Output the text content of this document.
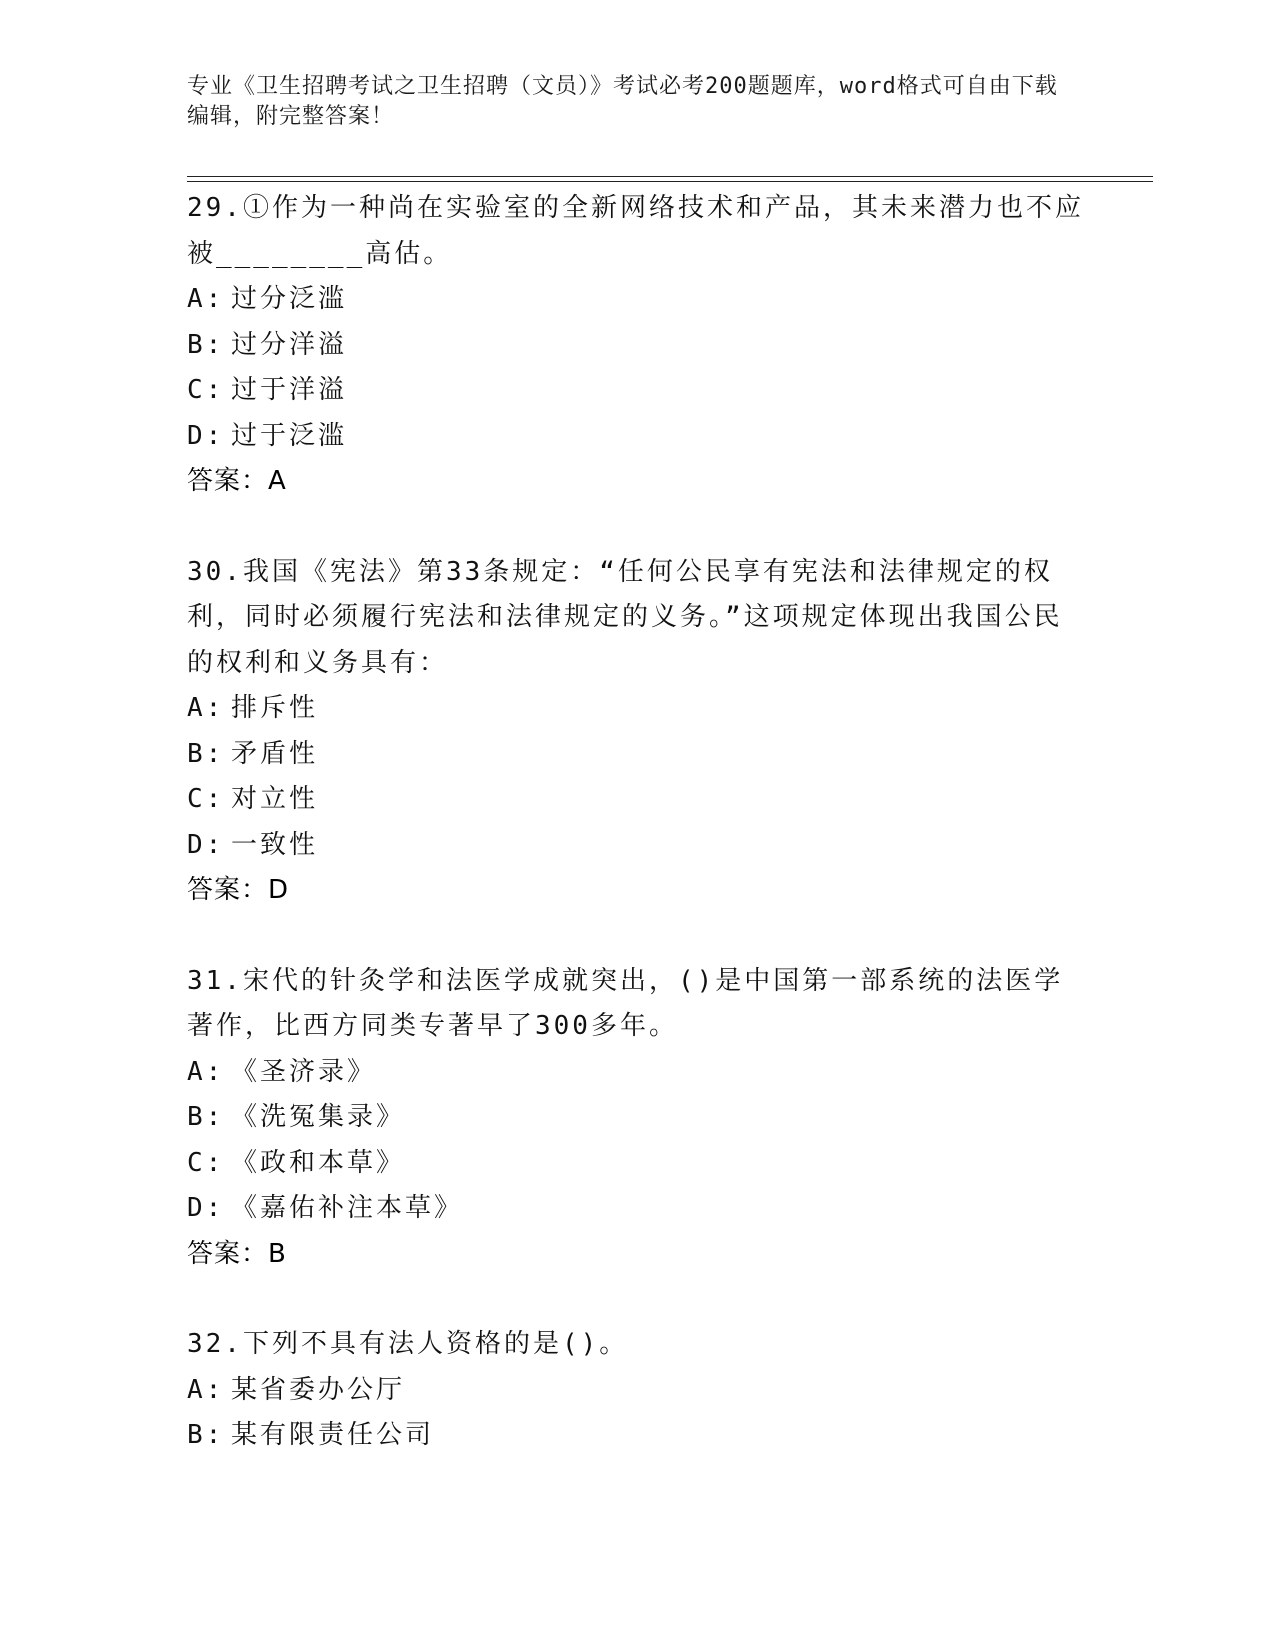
专业《卫生招聘考试之卫生招聘（文员）》考试必考200题题库，word格式可自由下载编辑，附完整答案！
29.①作为一种尚在实验室的全新网络技术和产品，其未来潜力也不应被________高估。
A: 过分泛滥
B: 过分洋溢
C: 过于洋溢
D: 过于泛滥
答案：A
30.我国《宪法》第33条规定：“任何公民享有宪法和法律规定的权利，同时必须履行宪法和法律规定的义务。”这项规定体现出我国公民的权利和义务具有：
A: 排斥性
B: 矛盾性
C: 对立性
D: 一致性
答案：D
31.宋代的针灸学和法医学成就突出，()是中国第一部系统的法医学著作，比西方同类专著早了300多年。
A: 《圣济录》
B: 《洗冤集录》
C: 《政和本草》
D: 《嘉佑补注本草》
答案：B
32.下列不具有法人资格的是()。
A: 某省委办公厅
B: 某有限责任公司
